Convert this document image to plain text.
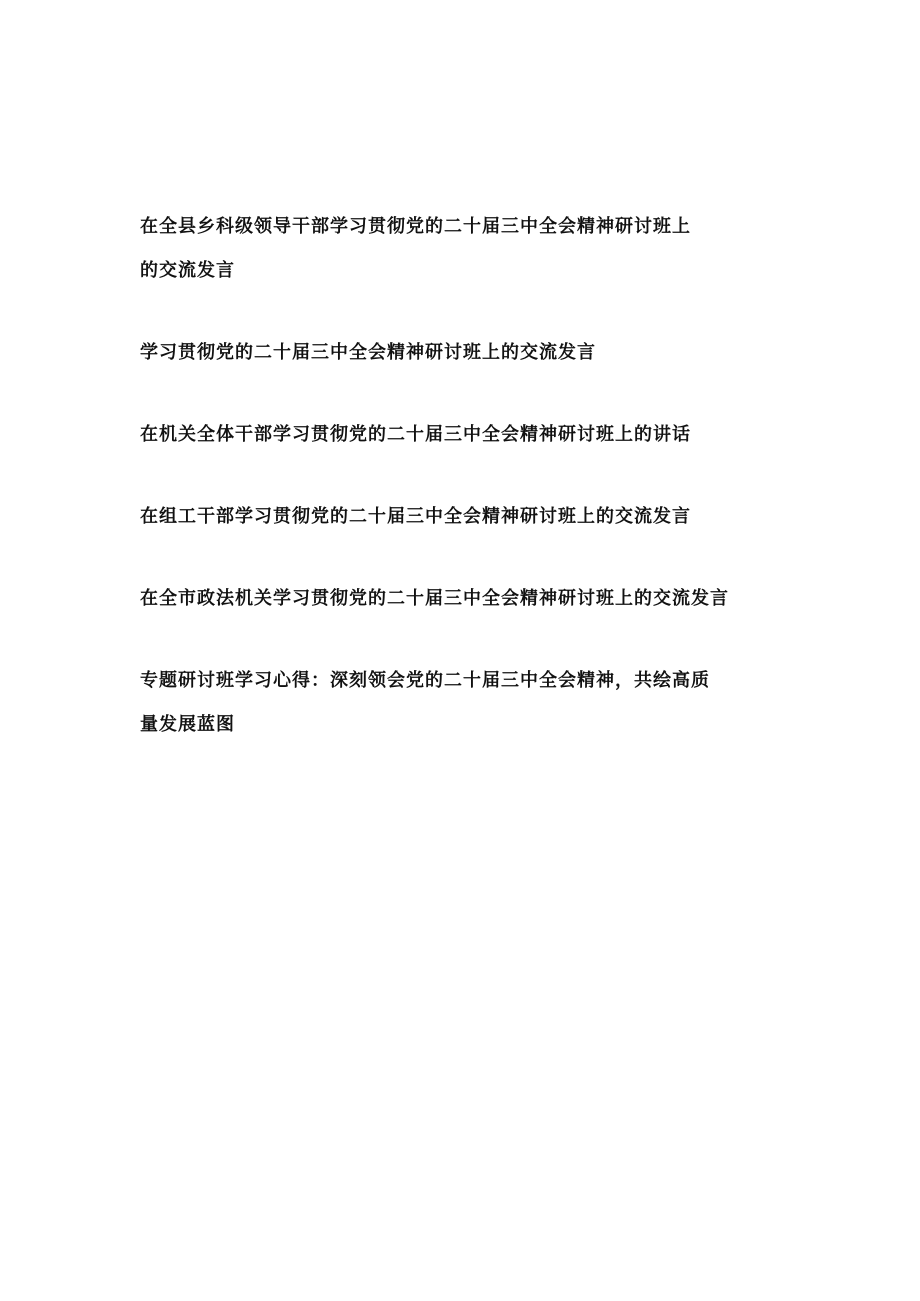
在全县乡科级领导干部学习贯彻党的二十届三中全会精神研讨班上
的交流发言
学习贯彻党的二十届三中全会精神研讨班上的交流发言
在机关全体干部学习贯彻党的二十届三中全会精神研讨班上的讲话
在组工干部学习贯彻党的二十届三中全会精神研讨班上的交流发言
在全市政法机关学习贯彻党的二十届三中全会精神研讨班上的交流发言
专题研讨班学习心得：深刻领会党的二十届三中全会精神，共绘高质
量发展蓝图
